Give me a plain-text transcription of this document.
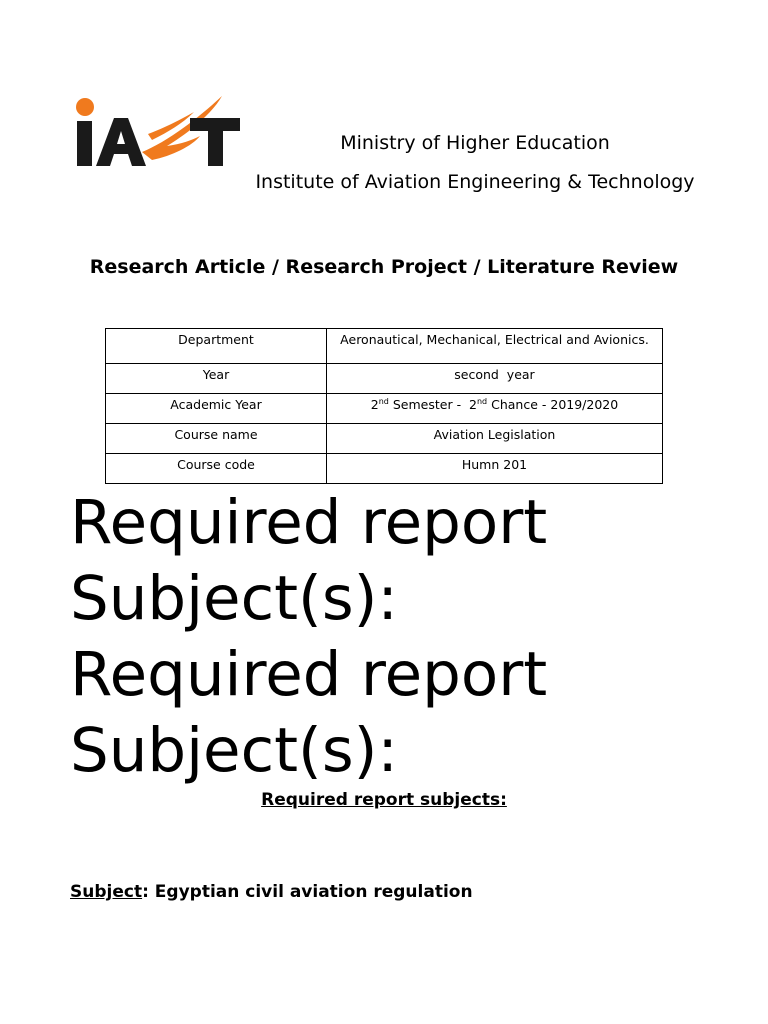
Ministry of Higher Education
Institute of Aviation Engineering & Technology
Research Article / Research Project / Literature Review
Department	Aeronautical, Mechanical, Electrical and Avionics.
Year	second  year
Academic Year	2nd Semester -  2nd Chance - 2019/2020
Course name	Aviation Legislation
Course code	Humn 201
Required report
Subject(s):
Required report
Subject(s):
Required report subjects:
Subject: Egyptian civil aviation regulation
